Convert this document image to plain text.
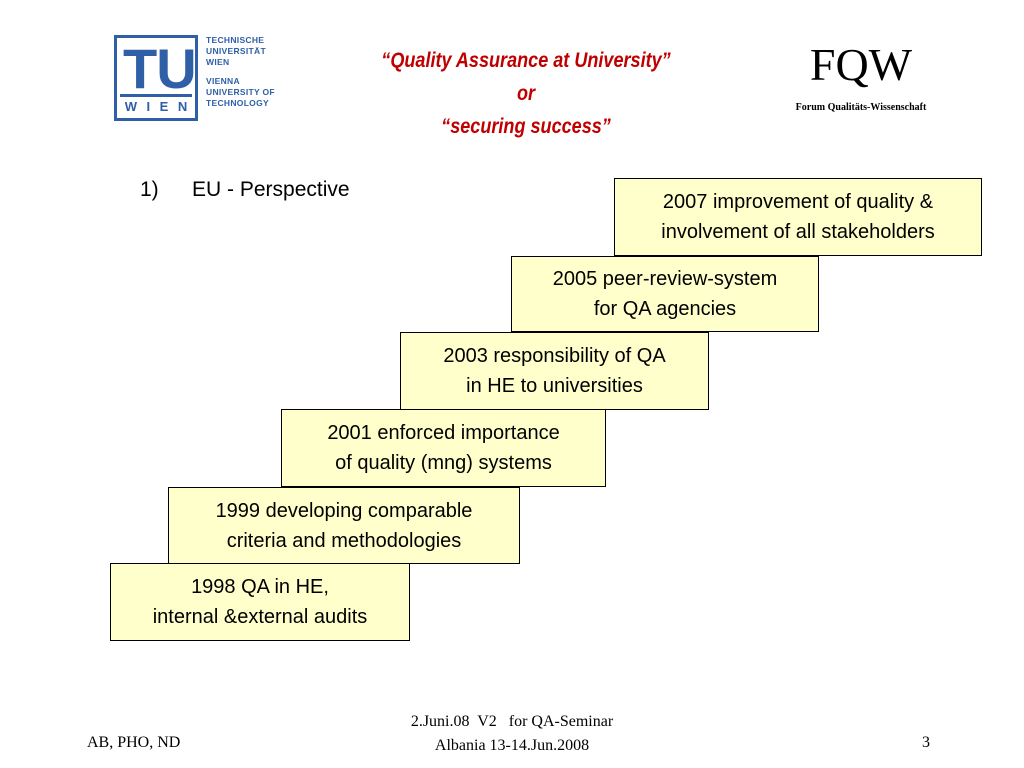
TU
W I E N
TECHNISCHE
UNIVERSITÄT
WIEN
VIENNA
UNIVERSITY OF
TECHNOLOGY
“Quality Assurance at University”
or
“securing success”
FQW
Forum Qualitäts-Wissenschaft
1) EU - Perspective
2007 improvement of quality &
involvement of all stakeholders
2005 peer-review-system
for QA agencies
2003 responsibility of QA
in HE to universities
2001 enforced importance
of quality (mng) systems
1999 developing comparable
criteria and methodologies
1998 QA in HE,
internal &external audits
AB, PHO, ND
2.Juni.08  V2   for QA-Seminar
Albania 13-14.Jun.2008	3
